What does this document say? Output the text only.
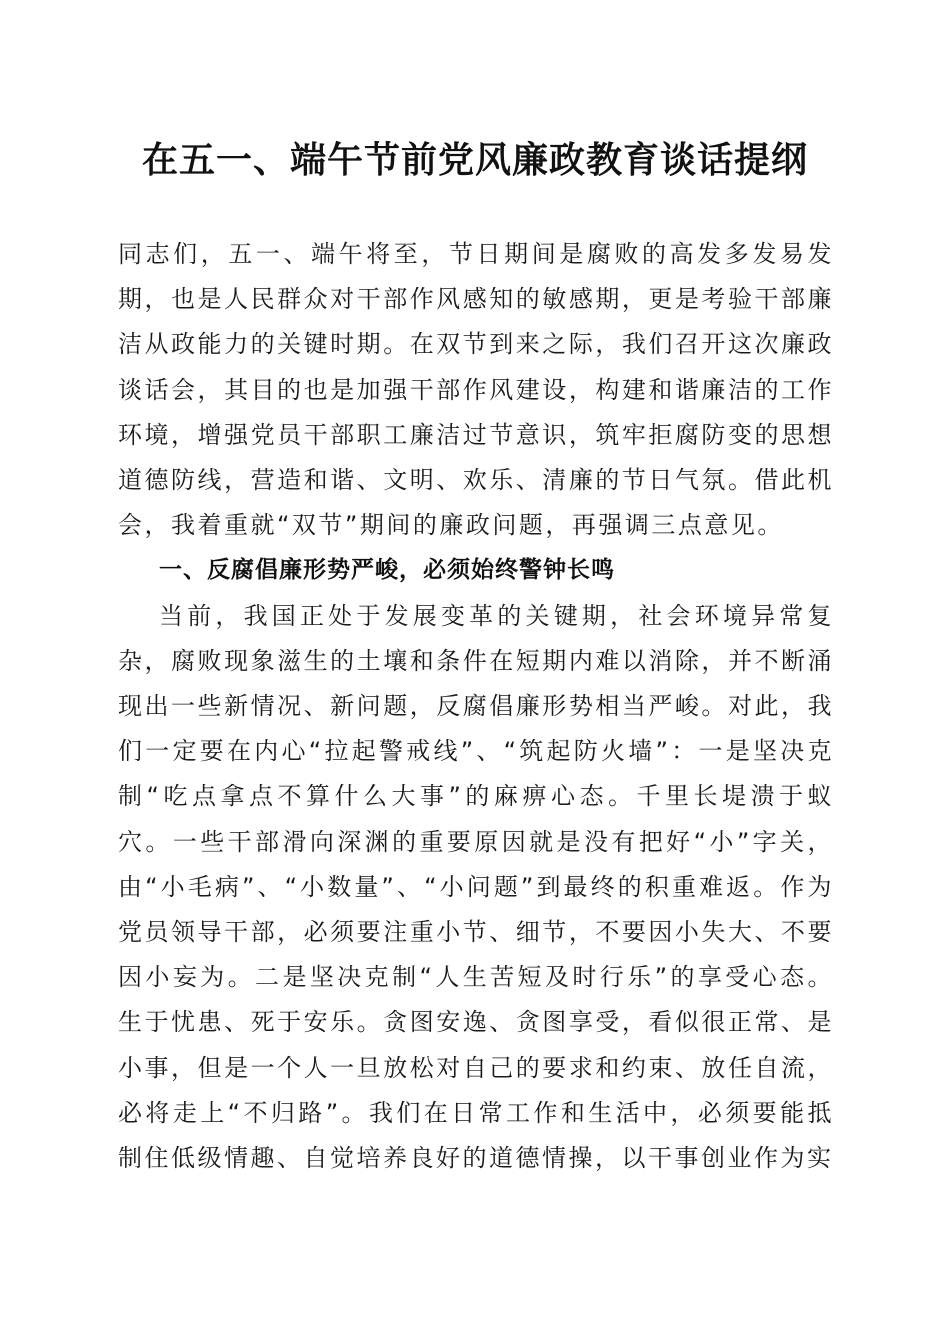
在五一、端午节前党风廉政教育谈话提纲

同志们，五一、端午将至，节日期间是腐败的高发多发易发期，也是人民群众对干部作风感知的敏感期，更是考验干部廉洁从政能力的关键时期。在双节到来之际，我们召开这次廉政谈话会，其目的也是加强干部作风建设，构建和谐廉洁的工作环境，增强党员干部职工廉洁过节意识，筑牢拒腐防变的思想道德防线，营造和谐、文明、欢乐、清廉的节日气氛。借此机会，我着重就“双节”期间的廉政问题，再强调三点意见。

一、反腐倡廉形势严峻，必须始终警钟长鸣

当前，我国正处于发展变革的关键期，社会环境异常复杂，腐败现象滋生的土壤和条件在短期内难以消除，并不断涌现出一些新情况、新问题，反腐倡廉形势相当严峻。对此，我们一定要在内心“拉起警戒线”、“筑起防火墙”：一是坚决克制“吃点拿点不算什么大事”的麻痹心态。千里长堤溃于蚁穴。一些干部滑向深渊的重要原因就是没有把好“小”字关，由“小毛病”、“小数量”、“小问题”到最终的积重难返。作为党员领导干部，必须要注重小节、细节，不要因小失大、不要因小妄为。二是坚决克制“人生苦短及时行乐”的享受心态。生于忧患、死于安乐。贪图安逸、贪图享受，看似很正常、是小事，但是一个人一旦放松对自己的要求和约束、放任自流，必将走上“不归路”。我们在日常工作和生活中，必须要能抵制住低级情趣、自觉培养良好的道德情操，以干事创业作为实
